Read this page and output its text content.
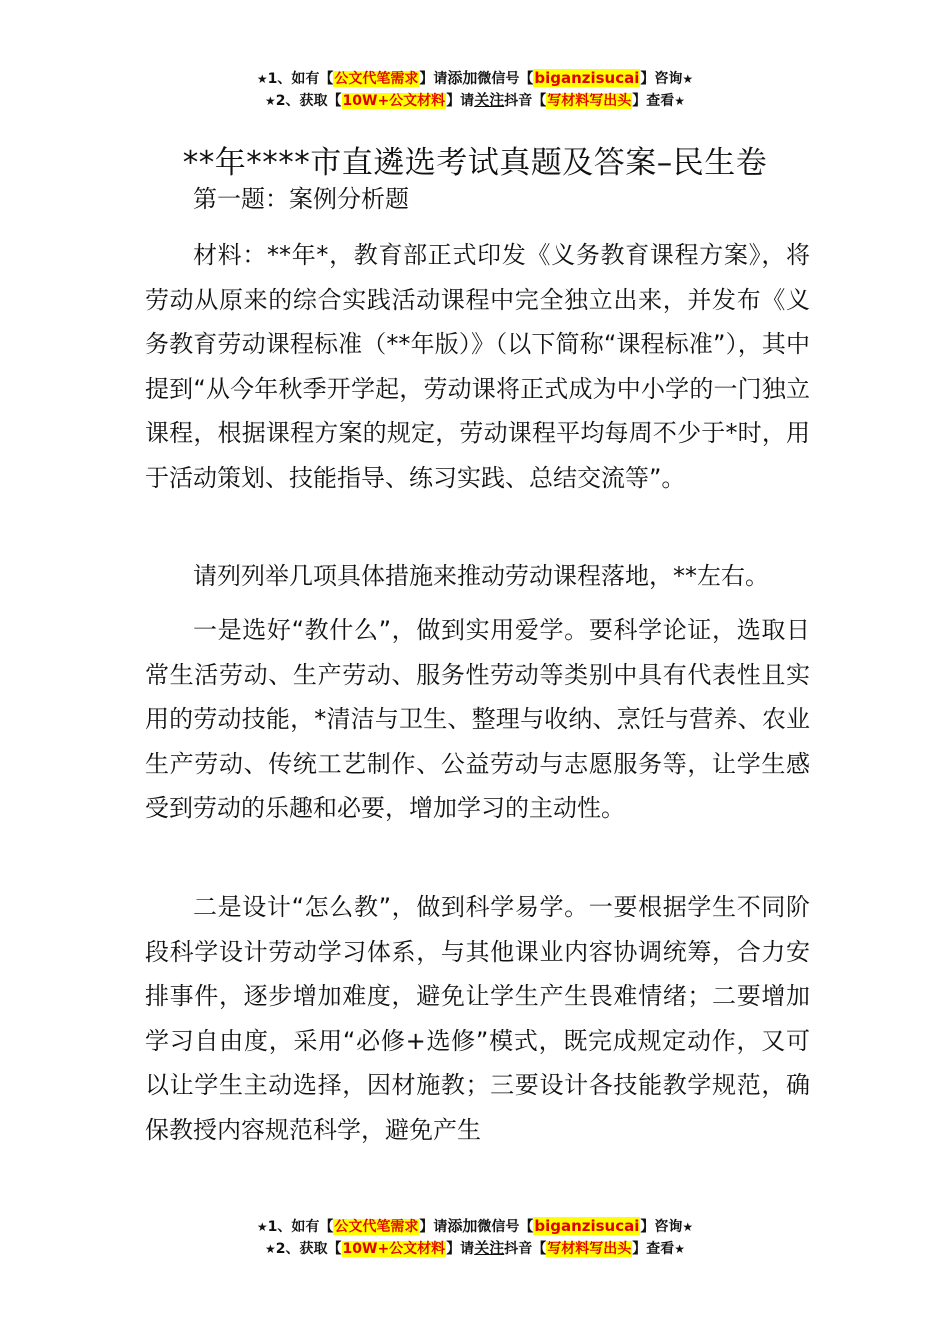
★1、如有【公文代笔需求】请添加微信号【biganzisucai】咨询★
★2、获取【10W+公文材料】请关注抖音【写材料写出头】查看★
**年****市直遴选考试真题及答案–民生卷

第一题：案例分析题

材料：**年*，教育部正式印发《义务教育课程方案》，将劳动从原来的综合实践活动课程中完全独立出来，并发布《义务教育劳动课程标准（**年版）》（以下简称“课程标准”），其中提到“从今年秋季开学起，劳动课将正式成为中小学的一门独立课程，根据课程方案的规定，劳动课程平均每周不少于*时，用于活动策划、技能指导、练习实践、总结交流等”。

请列列举几项具体措施来推动劳动课程落地，**左右。

一是选好“教什么”，做到实用爱学。要科学论证，选取日常生活劳动、生产劳动、服务性劳动等类别中具有代表性且实用的劳动技能，*清洁与卫生、整理与收纳、烹饪与营养、农业生产劳动、传统工艺制作、公益劳动与志愿服务等，让学生感受到劳动的乐趣和必要，增加学习的主动性。

二是设计“怎么教”，做到科学易学。一要根据学生不同阶段科学设计劳动学习体系，与其他课业内容协调统筹，合力安排事件，逐步增加难度，避免让学生产生畏难情绪；二要增加学习自由度，采用“必修+选修”模式，既完成规定动作，又可以让学生主动选择，因材施教；三要设计各技能教学规范，确保教授内容规范科学，避免产生

★1、如有【公文代笔需求】请添加微信号【biganzisucai】咨询★
★2、获取【10W+公文材料】请关注抖音【写材料写出头】查看★
